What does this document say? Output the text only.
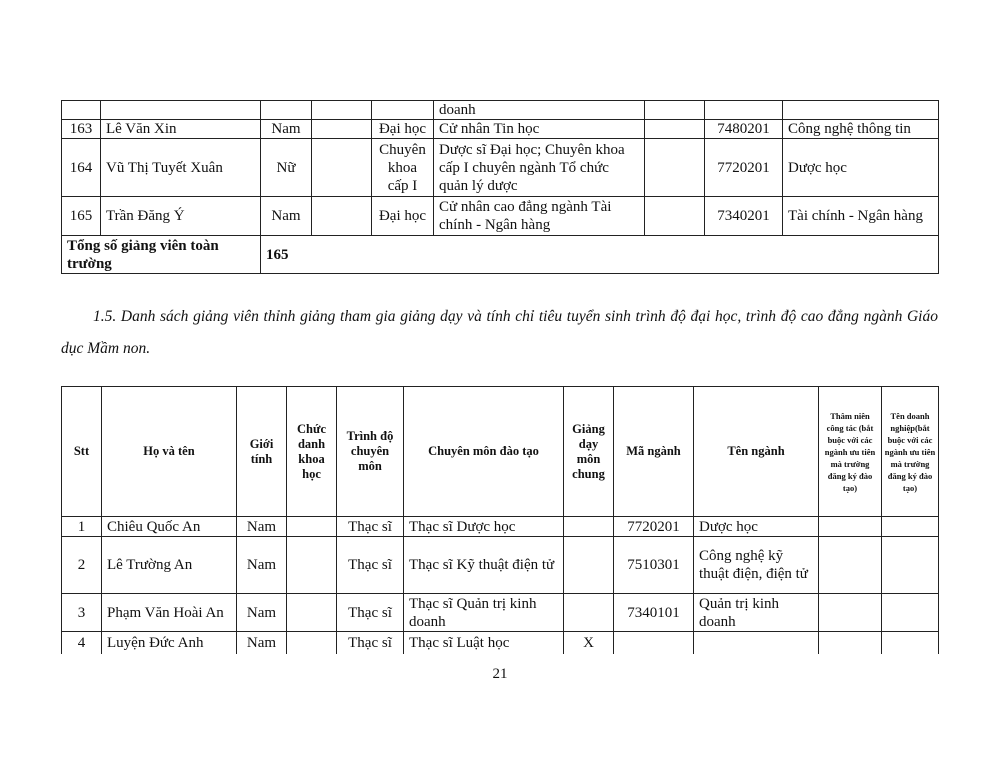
					doanh			
163	Lê Văn Xin	Nam		Đại học	Cử nhân Tin học		7480201	Công nghệ thông tin
164	Vũ Thị Tuyết Xuân	Nữ		Chuyên khoa cấp I	Dược sĩ Đại học; Chuyên khoa cấp I chuyên ngành Tổ chức quản lý dược		7720201	Dược học
165	Trần Đăng Ý	Nam		Đại học	Cử nhân cao đẳng ngành Tài chính - Ngân hàng		7340201	Tài chính - Ngân hàng
Tổng số giảng viên toàn trường		165						

1.5. Danh sách giảng viên thỉnh giảng tham gia giảng dạy và tính chỉ tiêu tuyển sinh trình độ đại học, trình độ cao đẳng ngành Giáo dục Mầm non.

Stt	Họ và tên	Giới tính	Chức danh khoa học	Trình độ chuyên môn	Chuyên môn đào tạo	Giảng dạy môn chung	Mã ngành	Tên ngành	Thâm niên công tác (bắt buộc với các ngành ưu tiên mà trường đăng ký đào tạo)	Tên doanh nghiệp(bắt buộc với các ngành ưu tiên mà trường đăng ký đào tạo)
1	Chiêu Quốc An	Nam		Thạc sĩ	Thạc sĩ Dược học		7720201	Dược học		
2	Lê Trường An	Nam		Thạc sĩ	Thạc sĩ Kỹ thuật điện tử		7510301	Công nghệ kỹ thuật điện, điện tử		
3	Phạm Văn Hoài An	Nam		Thạc sĩ	Thạc sĩ Quản trị kinh doanh		7340101	Quản trị kinh doanh		
4	Luyện Đức Anh	Nam		Thạc sĩ	Thạc sĩ Luật học	X				
21
